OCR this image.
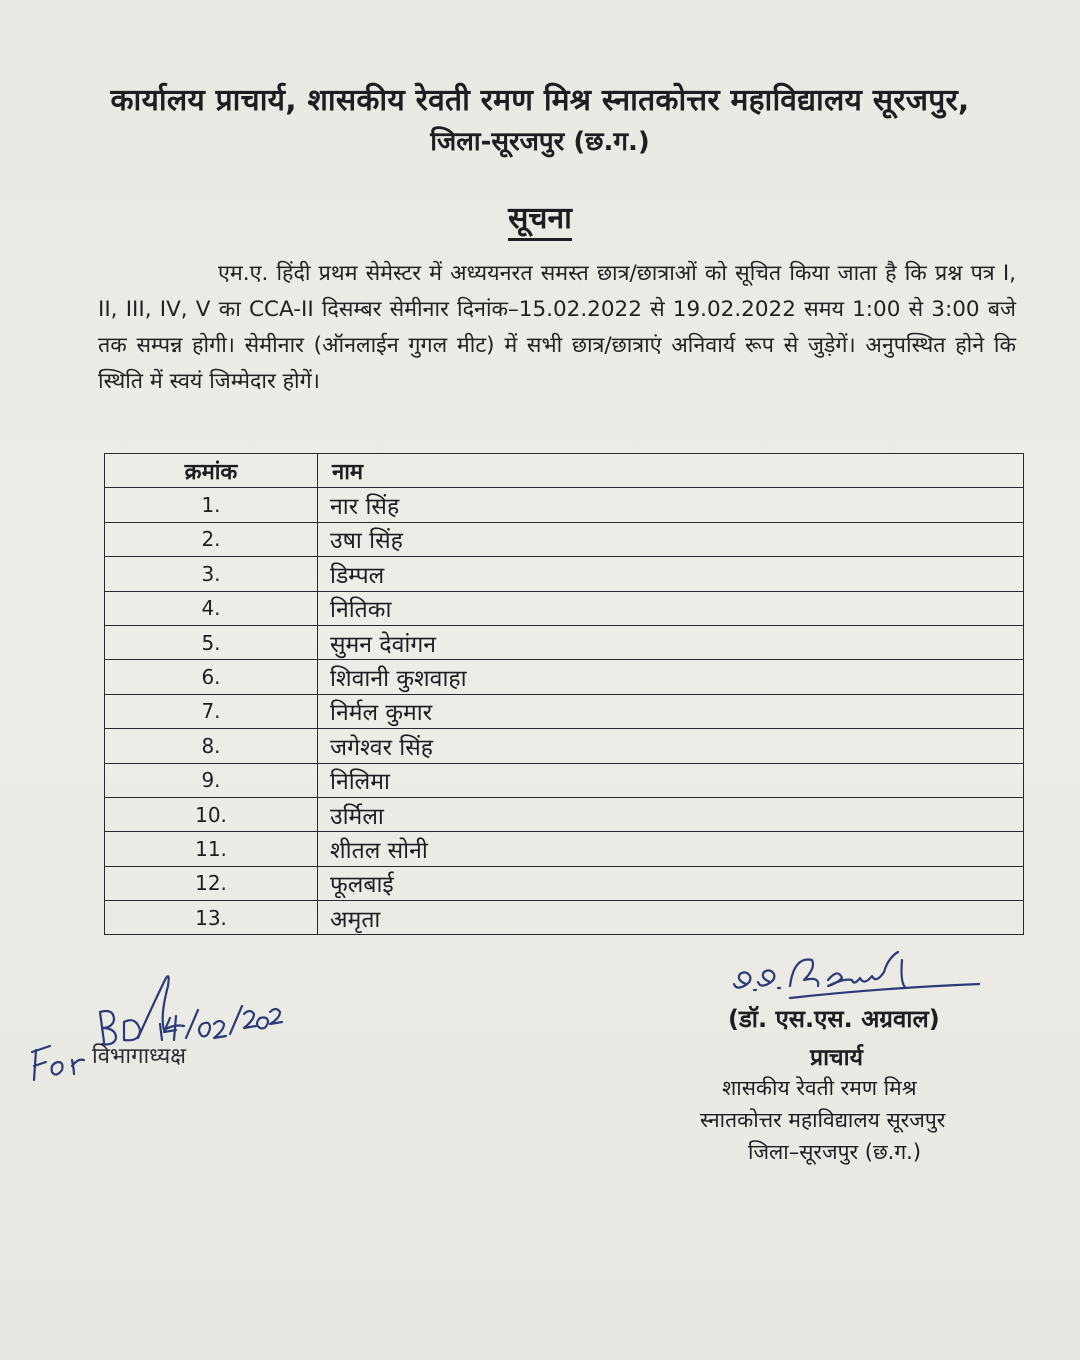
कार्यालय प्राचार्य, शासकीय रेवती रमण मिश्र स्नातकोत्तर महाविद्यालय सूरजपुर,
जिला-सूरजपुर (छ.ग.)
सूचना
एम.ए. हिंदी प्रथम सेमेस्टर में अध्ययनरत समस्त छात्र/छात्राओं को सूचित किया जाता है कि प्रश्न पत्र I, II, III, IV, V का CCA-II दिसम्बर सेमीनार दिनांक–15.02.2022 से 19.02.2022 समय 1:00 से 3:00 बजे तक सम्पन्न होगी। सेमीनार (ऑनलाईन गुगल मीट) में सभी छात्र/छात्राएं अनिवार्य रूप से जुड़ेगें। अनुपस्थित होने कि स्थिति में स्वयं जिम्मेदार होगें।
क्रमांक	नाम
1.	नार सिंह
2.	उषा सिंह
3.	डिम्पल
4.	नितिका
5.	सुमन देवांगन
6.	शिवानी कुशवाहा
7.	निर्मल कुमार
8.	जगेश्वर सिंह
9.	निलिमा
10.	उर्मिला
11.	शीतल सोनी
12.	फूलबाई
13.	अमृता
विभागाध्यक्ष
(डॉ. एस.एस. अग्रवाल)
प्राचार्य
शासकीय रेवती रमण मिश्र
स्नातकोत्तर महाविद्यालय सूरजपुर
जिला–सूरजपुर (छ.ग.)
